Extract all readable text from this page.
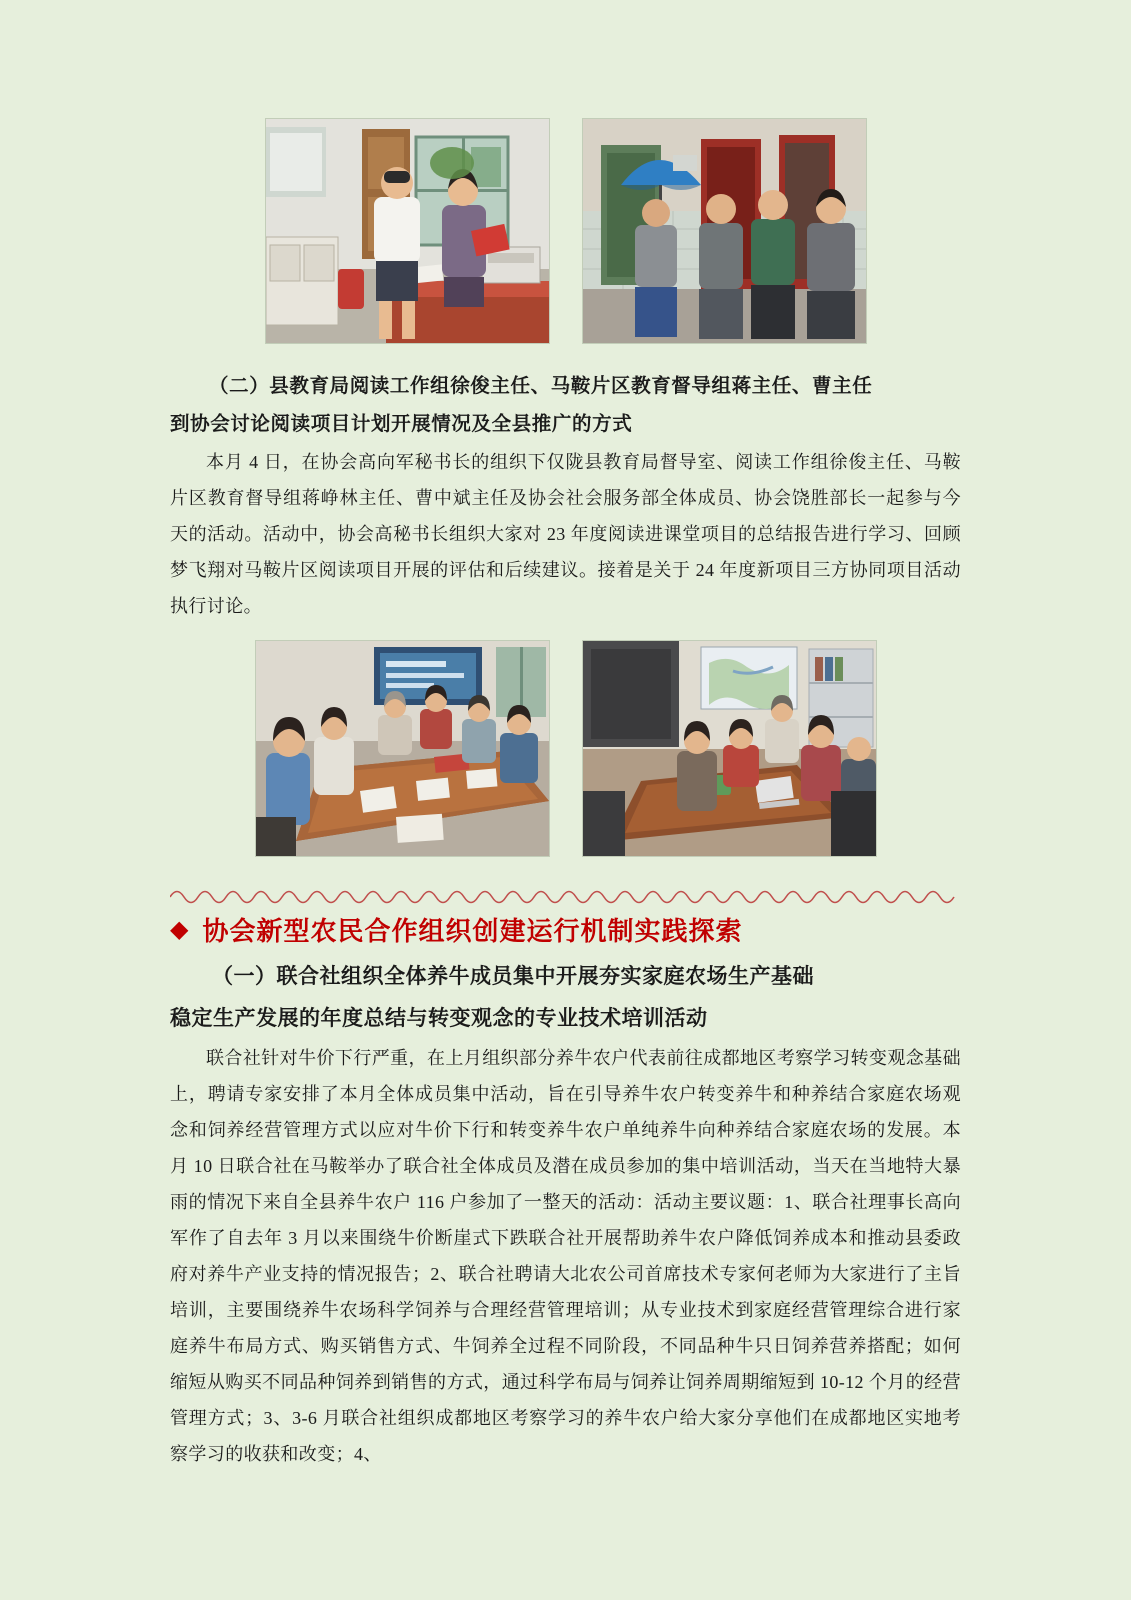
（二）县教育局阅读工作组徐俊主任、马鞍片区教育督导组蒋主任、曹主任
到协会讨论阅读项目计划开展情况及全县推广的方式
本月 4 日，在协会高向军秘书长的组织下仅陇县教育局督导室、阅读工作组徐俊主任、马鞍片区教育督导组蒋峥林主任、曹中斌主任及协会社会服务部全体成员、协会饶胜部长一起参与今天的活动。活动中，协会高秘书长组织大家对 23 年度阅读进课堂项目的总结报告进行学习、回顾梦飞翔对马鞍片区阅读项目开展的评估和后续建议。接着是关于 24 年度新项目三方协同项目活动执行讨论。
◆ 协会新型农民合作组织创建运行机制实践探索
（一）联合社组织全体养牛成员集中开展夯实家庭农场生产基础
稳定生产发展的年度总结与转变观念的专业技术培训活动
联合社针对牛价下行严重，在上月组织部分养牛农户代表前往成都地区考察学习转变观念基础上，聘请专家安排了本月全体成员集中活动，旨在引导养牛农户转变养牛和种养结合家庭农场观念和饲养经营管理方式以应对牛价下行和转变养牛农户单纯养牛向种养结合家庭农场的发展。本月 10 日联合社在马鞍举办了联合社全体成员及潜在成员参加的集中培训活动，当天在当地特大暴雨的情况下来自全县养牛农户 116 户参加了一整天的活动：活动主要议题：1、联合社理事长高向军作了自去年 3 月以来围绕牛价断崖式下跌联合社开展帮助养牛农户降低饲养成本和推动县委政府对养牛产业支持的情况报告；2、联合社聘请大北农公司首席技术专家何老师为大家进行了主旨培训，主要围绕养牛农场科学饲养与合理经营管理培训；从专业技术到家庭经营管理综合进行家庭养牛布局方式、购买销售方式、牛饲养全过程不同阶段，不同品种牛只日饲养营养搭配；如何缩短从购买不同品种饲养到销售的方式，通过科学布局与饲养让饲养周期缩短到 10-12 个月的经营管理方式；3、3-6 月联合社组织成都地区考察学习的养牛农户给大家分享他们在成都地区实地考察学习的收获和改变；4、
